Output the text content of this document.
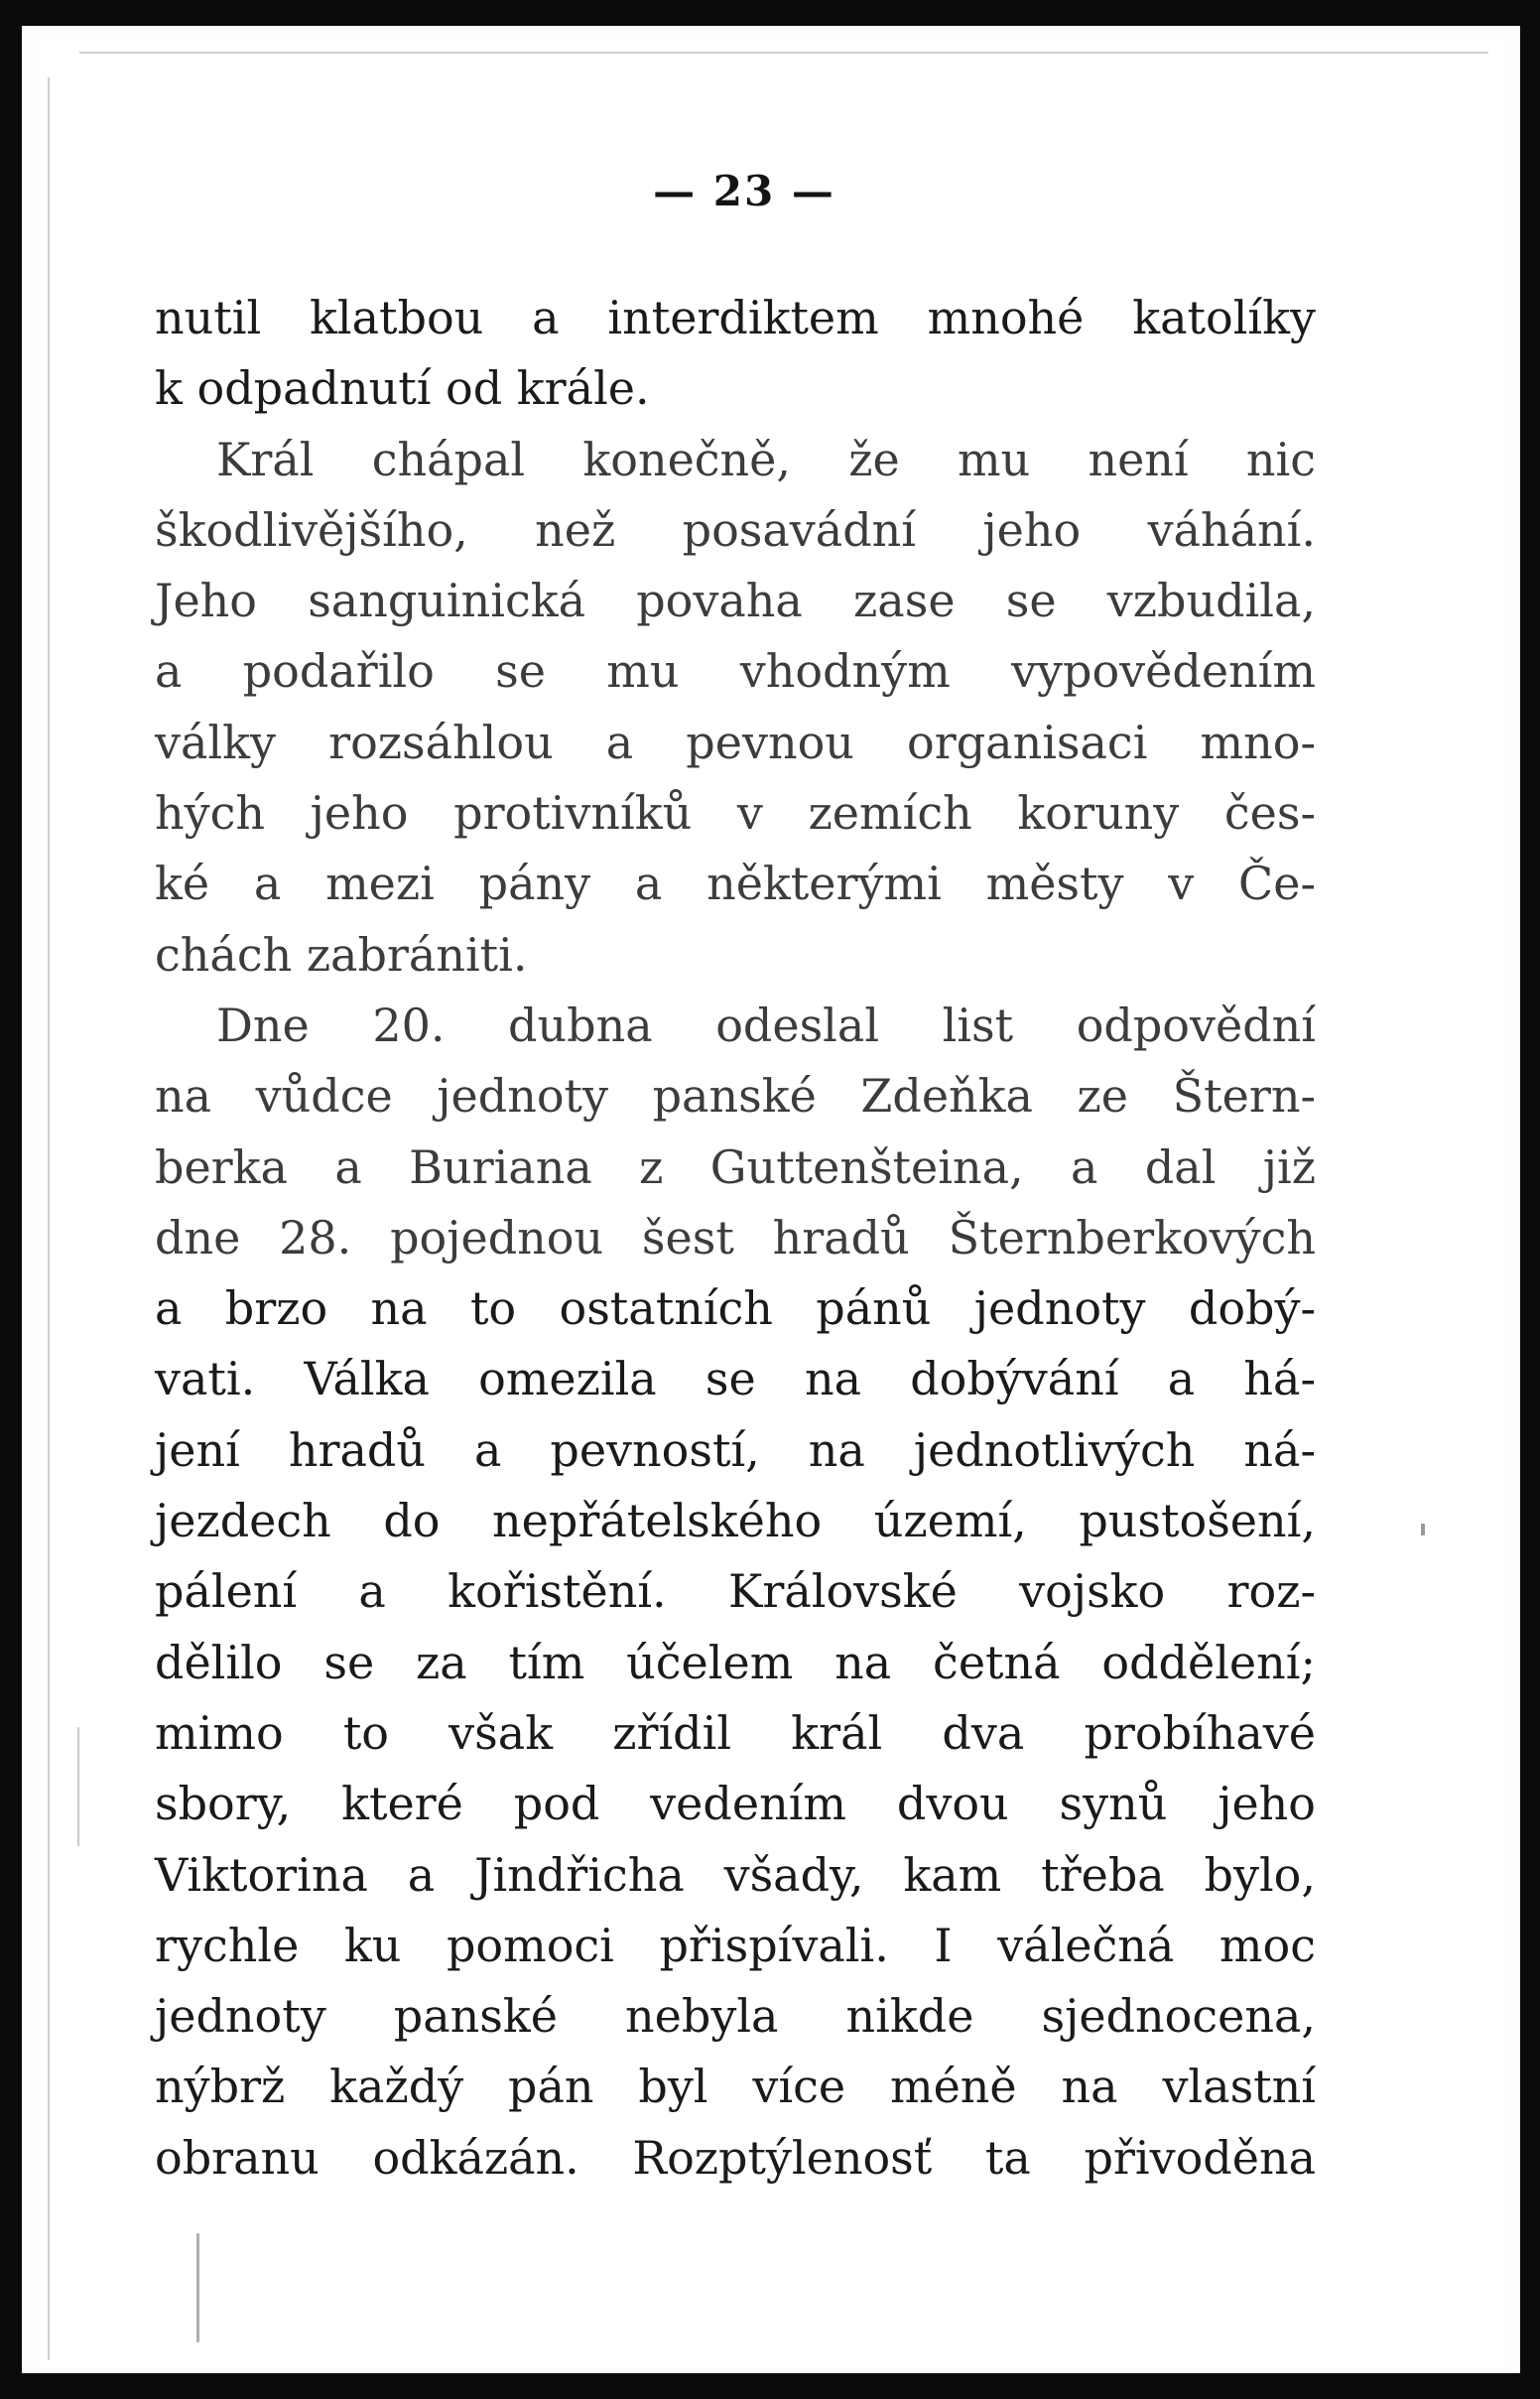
— 23 —
nutil klatbou a interdiktem mnohé katolíky
k odpadnutí od krále.
Král chápal konečně, že mu není nic
škodlivějšího, než posavádní jeho váhání.
Jeho sanguinická povaha zase se vzbudila,
a podařilo se mu vhodným vypovědením
války rozsáhlou a pevnou organisaci mno-
hých jeho protivníků v zemích koruny čes-
ké a mezi pány a některými městy v Če-
chách zabrániti.
Dne 20. dubna odeslal list odpovědní
na vůdce jednoty panské Zdeňka ze Štern-
berka a Buriana z Guttenšteina, a dal již
dne 28. pojednou šest hradů Šternberkových
a brzo na to ostatních pánů jednoty dobý-
vati. Válka omezila se na dobývání a há-
jení hradů a pevností, na jednotlivých ná-
jezdech do nepřátelského území, pustošení,
pálení a kořistění. Královské vojsko roz-
dělilo se za tím účelem na četná oddělení;
mimo to však zřídil král dva probíhavé
sbory, které pod vedením dvou synů jeho
Viktorina a Jindřicha všady, kam třeba bylo,
rychle ku pomoci přispívali. I válečná moc
jednoty panské nebyla nikde sjednocena,
nýbrž každý pán byl více méně na vlastní
obranu odkázán. Rozptýlenosť ta přivoděna
